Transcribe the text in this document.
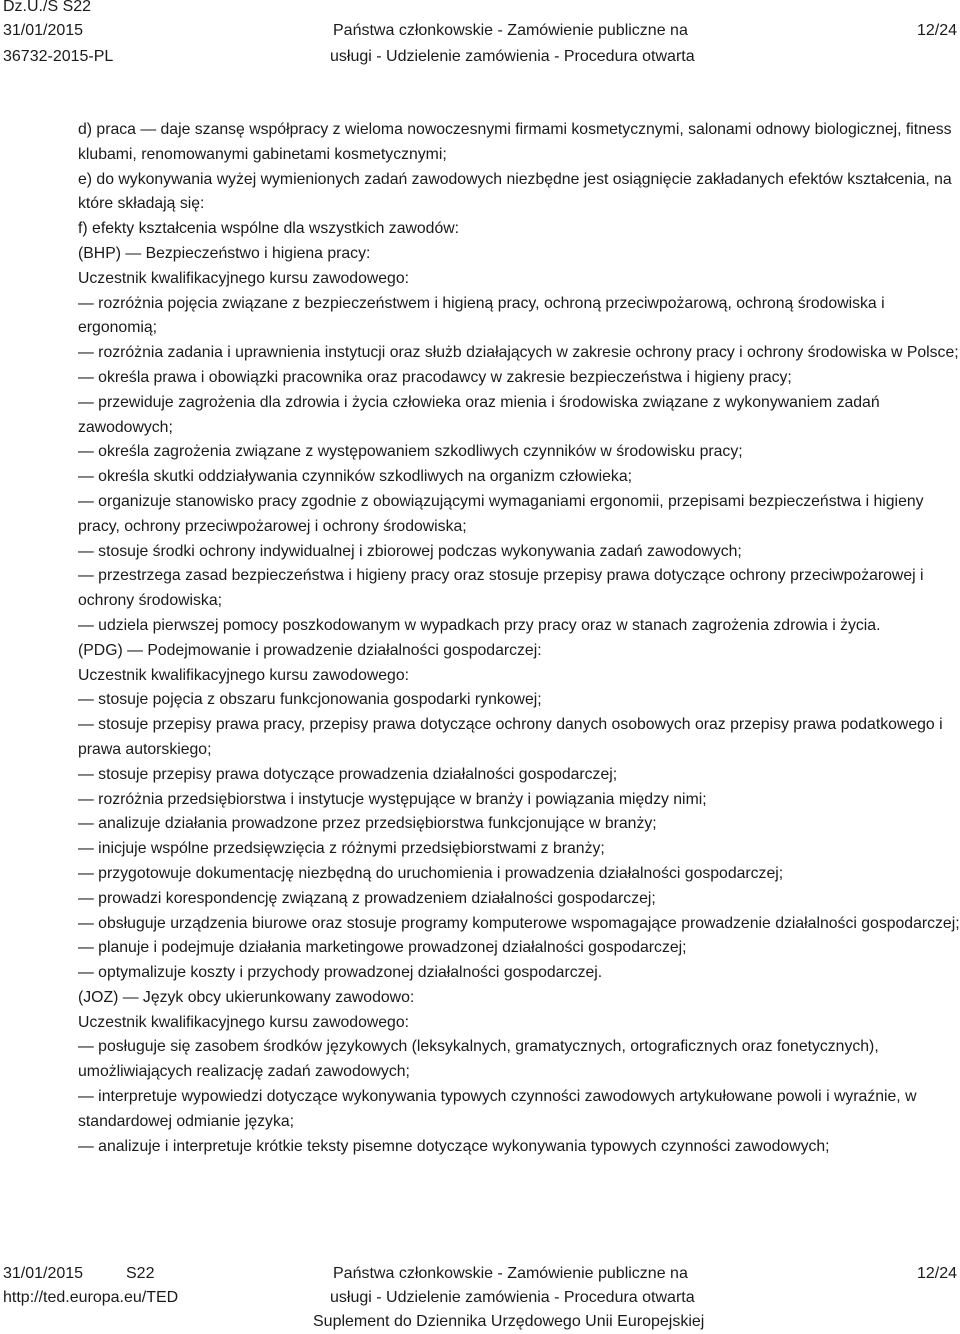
Dz.U./S S22
31/01/2015
36732-2015-PL
Państwa członkowskie - Zamówienie publiczne na
usługi - Udzielenie zamówienia - Procedura otwarta
12/24

d) praca — daje szansę współpracy z wieloma nowoczesnymi firmami kosmetycznymi, salonami odnowy biologicznej, fitness klubami, renomowanymi gabinetami kosmetycznymi;

e) do wykonywania wyżej wymienionych zadań zawodowych niezbędne jest osiągnięcie zakładanych efektów kształcenia, na które składają się:

f) efekty kształcenia wspólne dla wszystkich zawodów:

(BHP) — Bezpieczeństwo i higiena pracy:

Uczestnik kwalifikacyjnego kursu zawodowego:

— rozróżnia pojęcia związane z bezpieczeństwem i higieną pracy, ochroną przeciwpożarową, ochroną środowiska i ergonomią;

— rozróżnia zadania i uprawnienia instytucji oraz służb działających w zakresie ochrony pracy i ochrony środowiska w Polsce;

— określa prawa i obowiązki pracownika oraz pracodawcy w zakresie bezpieczeństwa i higieny pracy;

— przewiduje zagrożenia dla zdrowia i życia człowieka oraz mienia i środowiska związane z wykonywaniem zadań zawodowych;

— określa zagrożenia związane z występowaniem szkodliwych czynników w środowisku pracy;

— określa skutki oddziaływania czynników szkodliwych na organizm człowieka;

— organizuje stanowisko pracy zgodnie z obowiązującymi wymaganiami ergonomii, przepisami bezpieczeństwa i higieny pracy, ochrony przeciwpożarowej i ochrony środowiska;

— stosuje środki ochrony indywidualnej i zbiorowej podczas wykonywania zadań zawodowych;

— przestrzega zasad bezpieczeństwa i higieny pracy oraz stosuje przepisy prawa dotyczące ochrony przeciwpożarowej i ochrony środowiska;

— udziela pierwszej pomocy poszkodowanym w wypadkach przy pracy oraz w stanach zagrożenia zdrowia i życia.

(PDG) — Podejmowanie i prowadzenie działalności gospodarczej:

Uczestnik kwalifikacyjnego kursu zawodowego:

— stosuje pojęcia z obszaru funkcjonowania gospodarki rynkowej;

— stosuje przepisy prawa pracy, przepisy prawa dotyczące ochrony danych osobowych oraz przepisy prawa podatkowego i prawa autorskiego;

— stosuje przepisy prawa dotyczące prowadzenia działalności gospodarczej;

— rozróżnia przedsiębiorstwa i instytucje występujące w branży i powiązania między nimi;

— analizuje działania prowadzone przez przedsiębiorstwa funkcjonujące w branży;

— inicjuje wspólne przedsięwzięcia z różnymi przedsiębiorstwami z branży;

— przygotowuje dokumentację niezbędną do uruchomienia i prowadzenia działalności gospodarczej;

— prowadzi korespondencję związaną z prowadzeniem działalności gospodarczej;

— obsługuje urządzenia biurowe oraz stosuje programy komputerowe wspomagające prowadzenie działalności gospodarczej;

— planuje i podejmuje działania marketingowe prowadzonej działalności gospodarczej;

— optymalizuje koszty i przychody prowadzonej działalności gospodarczej.

(JOZ) — Język obcy ukierunkowany zawodowo:

Uczestnik kwalifikacyjnego kursu zawodowego:

— posługuje się zasobem środków językowych (leksykalnych, gramatycznych, ortograficznych oraz fonetycznych), umożliwiających realizację zadań zawodowych;

— interpretuje wypowiedzi dotyczące wykonywania typowych czynności zawodowych artykułowane powoli i wyraźnie, w standardowej odmianie języka;

— analizuje i interpretuje krótkie teksty pisemne dotyczące wykonywania typowych czynności zawodowych;

31/01/2015	S22
http://ted.europa.eu/TED
Państwa członkowskie - Zamówienie publiczne na
usługi - Udzielenie zamówienia - Procedura otwarta
Suplement do Dziennika Urzędowego Unii Europejskiej
12/24
